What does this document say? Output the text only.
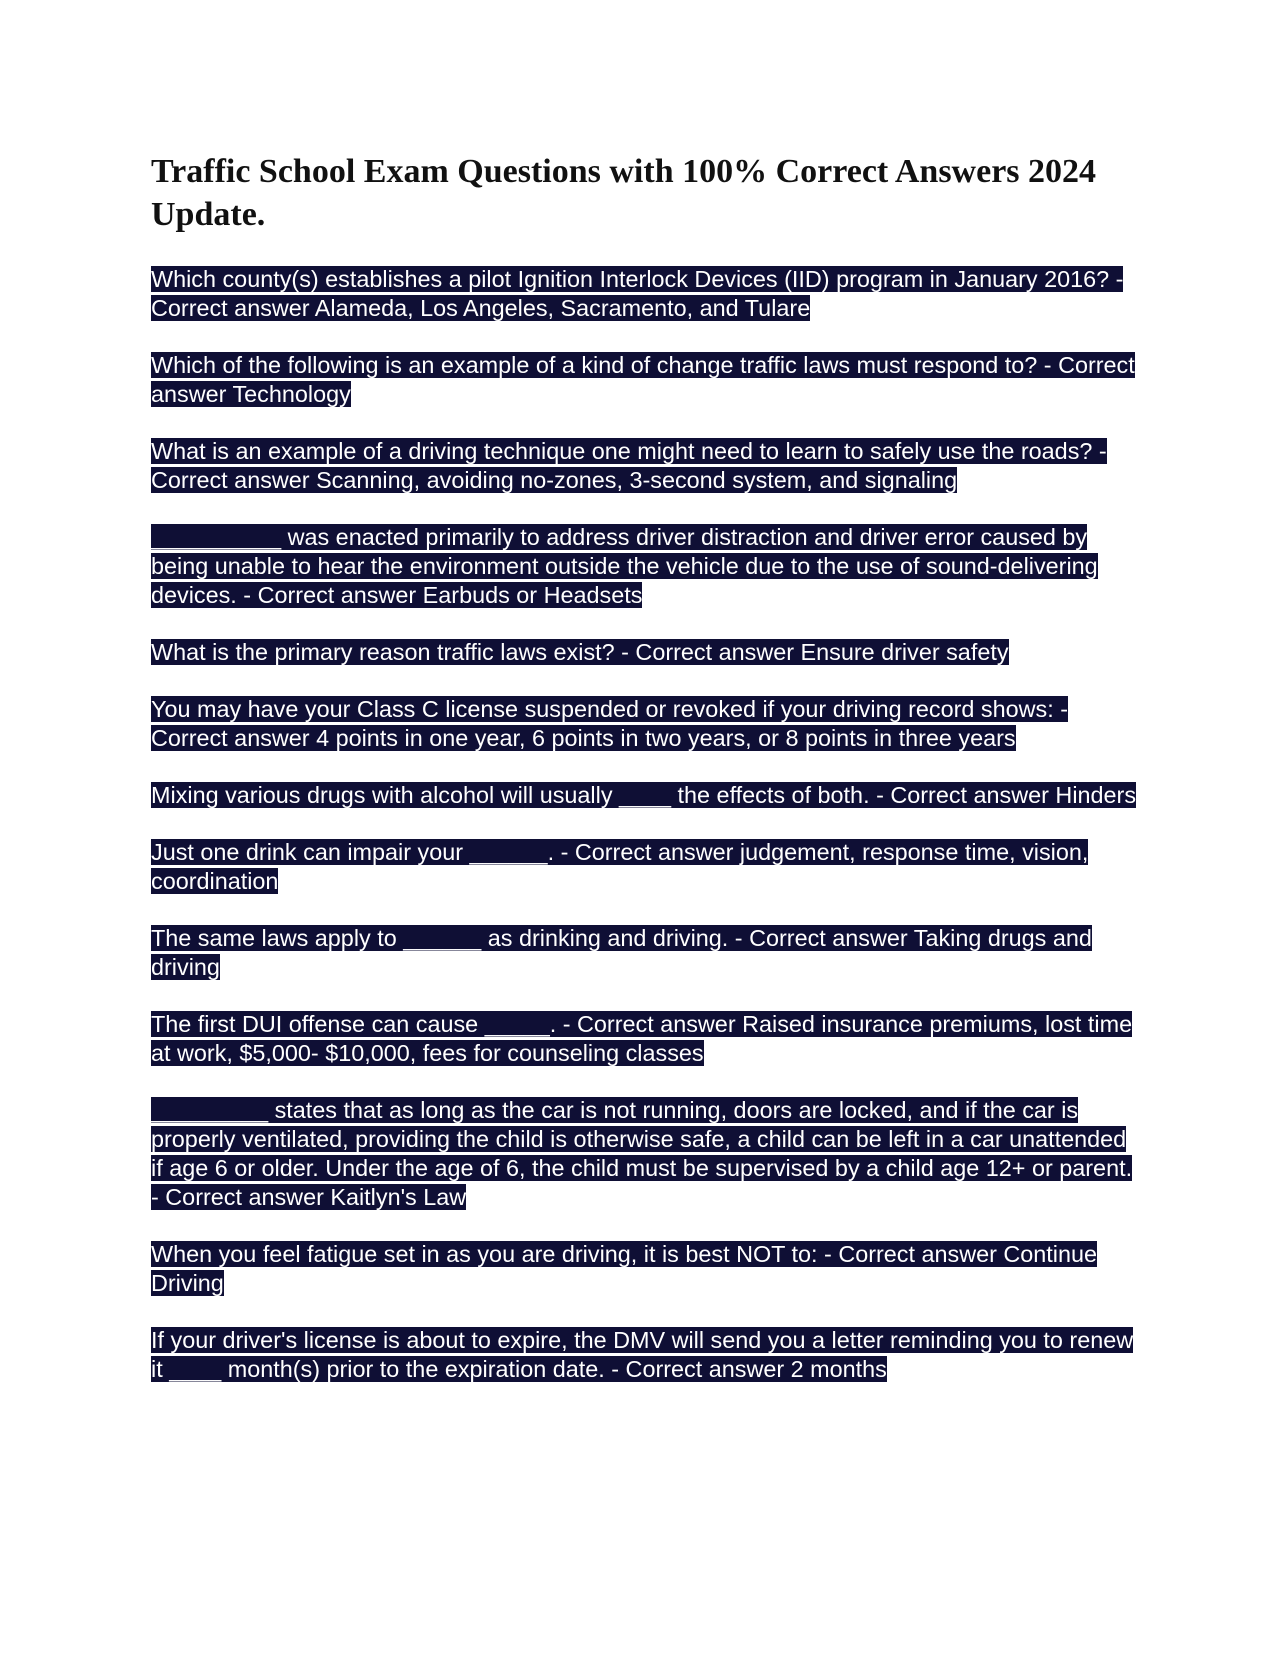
Traffic School Exam Questions with 100% Correct Answers 2024 Update.

Which county(s) establishes a pilot Ignition Interlock Devices (IID) program in January 2016? - Correct answer Alameda, Los Angeles, Sacramento, and Tulare

Which of the following is an example of a kind of change traffic laws must respond to? - Correct answer Technology

What is an example of a driving technique one might need to learn to safely use the roads? - Correct answer Scanning, avoiding no-zones, 3-second system, and signaling

__________ was enacted primarily to address driver distraction and driver error caused by being unable to hear the environment outside the vehicle due to the use of sound-delivering devices. - Correct answer Earbuds or Headsets

What is the primary reason traffic laws exist? - Correct answer Ensure driver safety

You may have your Class C license suspended or revoked if your driving record shows: - Correct answer 4 points in one year, 6 points in two years, or 8 points in three years

Mixing various drugs with alcohol will usually ____ the effects of both. - Correct answer Hinders

Just one drink can impair your ______. - Correct answer judgement, response time, vision, coordination

The same laws apply to ______ as drinking and driving. - Correct answer Taking drugs and driving

The first DUI offense can cause _____. - Correct answer Raised insurance premiums, lost time at work, $5,000- $10,000, fees for counseling classes

_________ states that as long as the car is not running, doors are locked, and if the car is properly ventilated, providing the child is otherwise safe, a child can be left in a car unattended if age 6 or older. Under the age of 6, the child must be supervised by a child age 12+ or parent. - Correct answer Kaitlyn's Law

When you feel fatigue set in as you are driving, it is best NOT to: - Correct answer Continue Driving

If your driver's license is about to expire, the DMV will send you a letter reminding you to renew it ____ month(s) prior to the expiration date. - Correct answer 2 months
